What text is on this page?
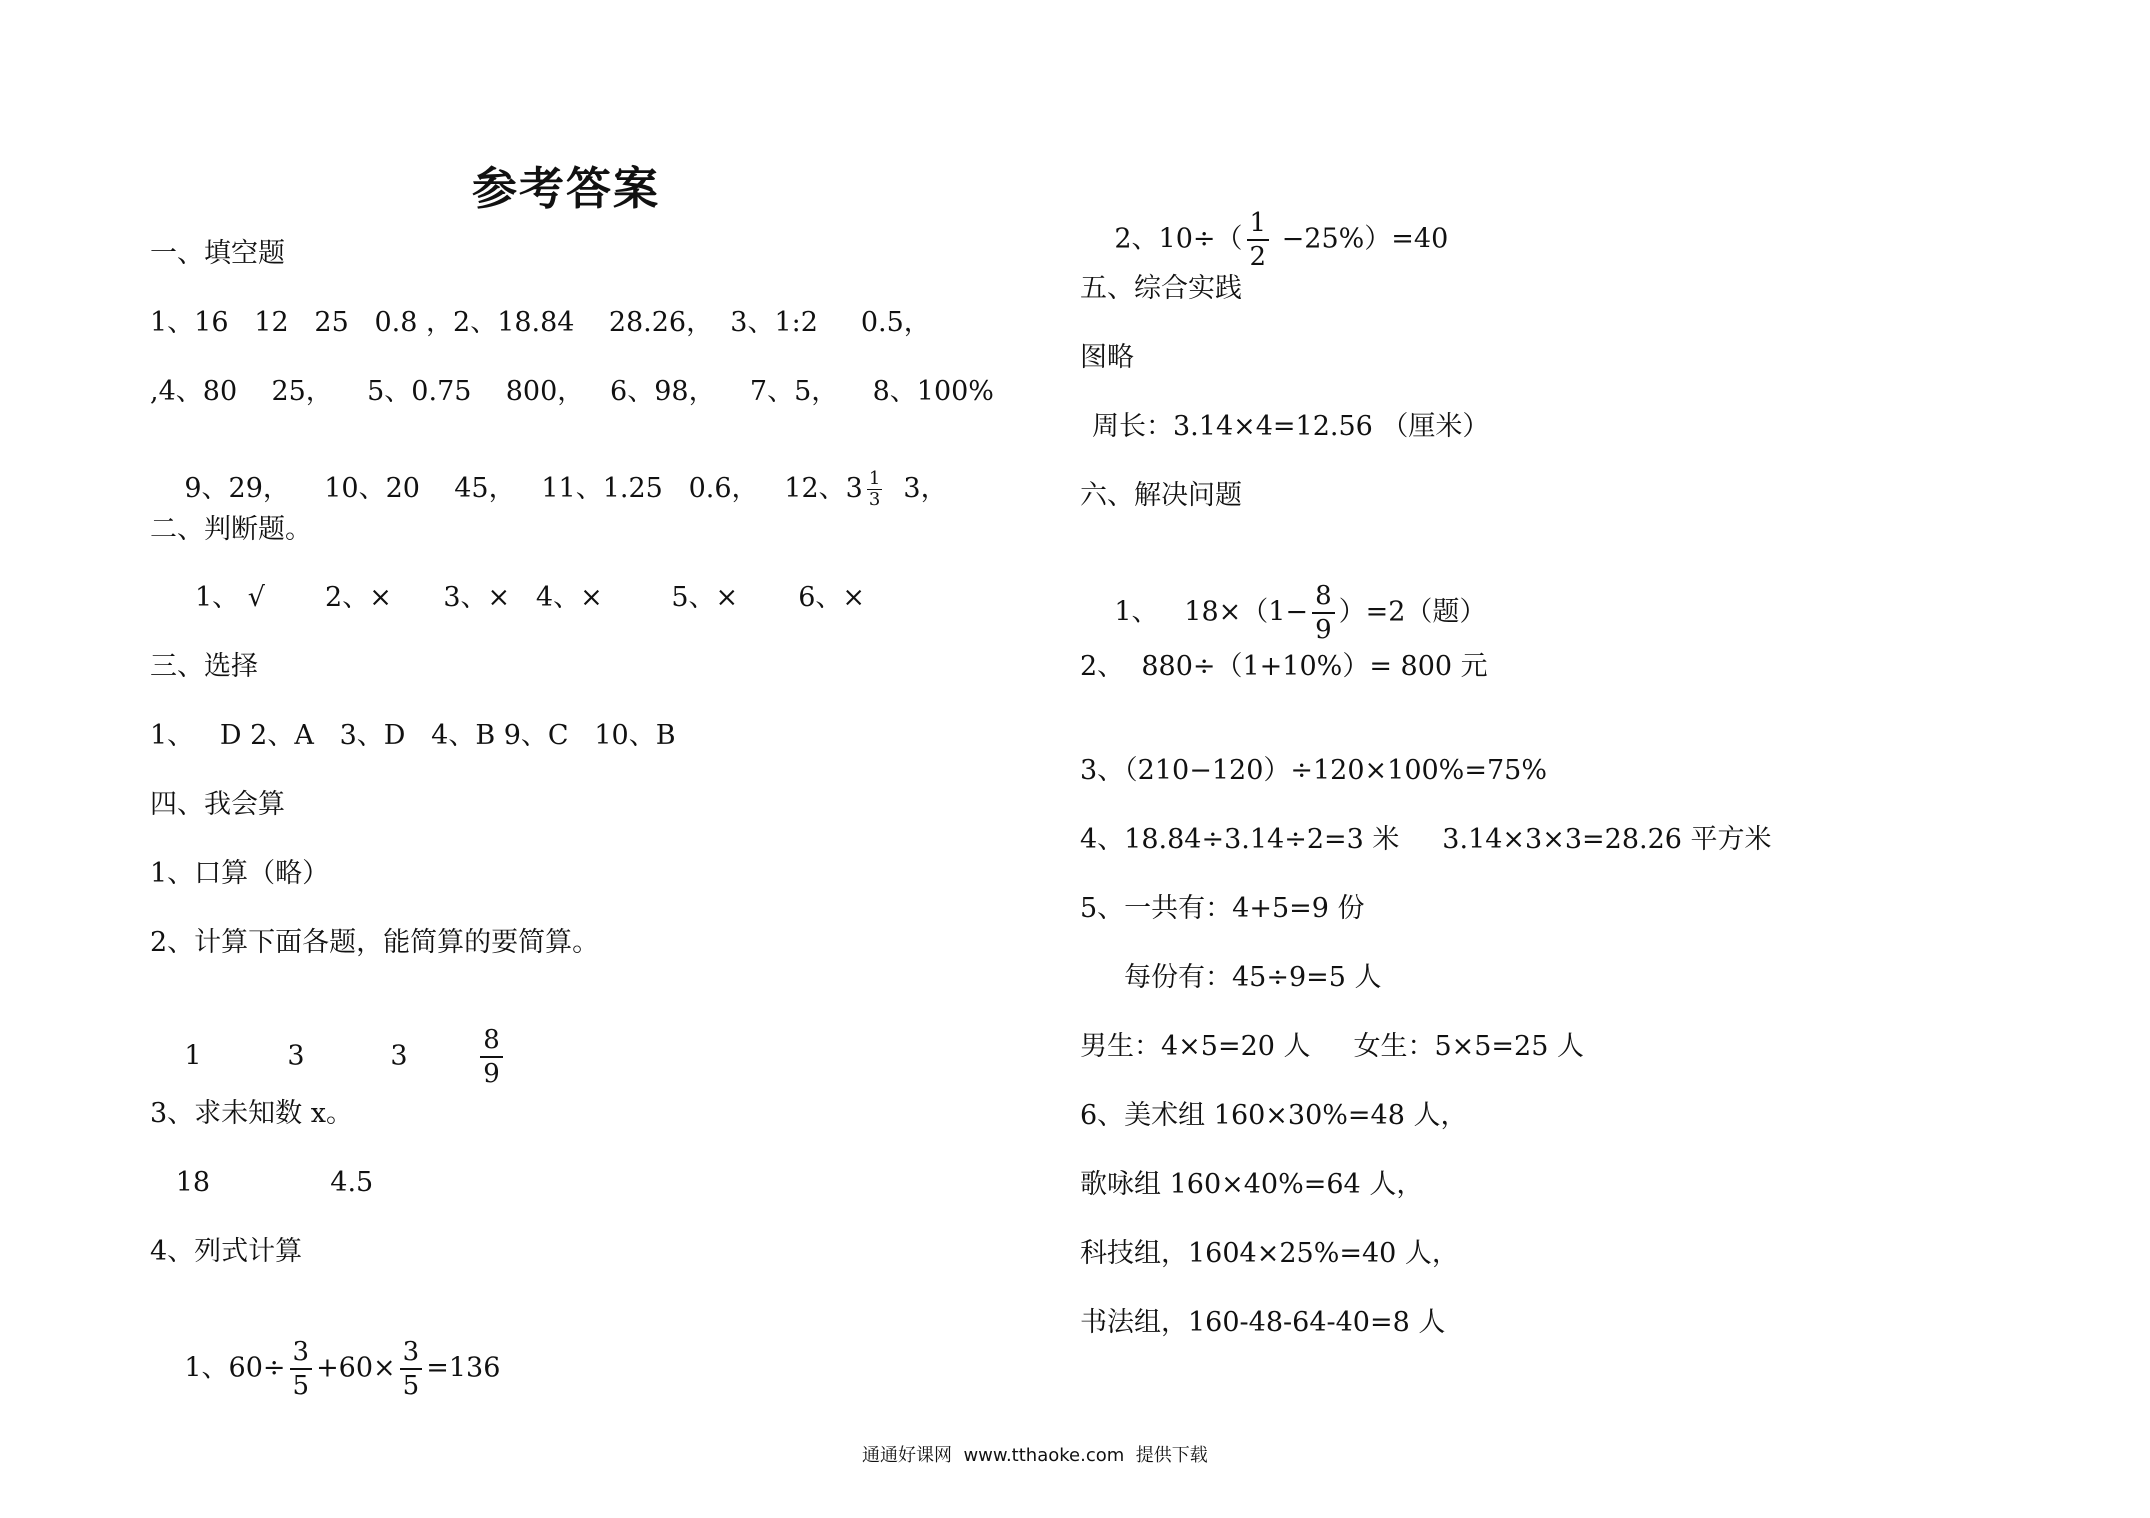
参考答案
一、填空题
1、16   12   25   0.8 ，2、18.84    28.26，  3、1:2     0.5，
,4、80    25，    5、0.75    800，   6、98，    7、5，    8、100%

9、29，    10、20    45，   11、1.25   0.6，   12、$3 \frac{1}{3} 3$，

二、判断题。
1、 √       2、×      3、×   4、×        5、×       6、×
三、选择
1、   D 2、A   3、D   4、B 9、C   10、B
四、我会算
1、口算（略）
2、计算下面各题，能简算的要简算。

1          3          3	$\frac{8}{9}$

3、求未知数 x。
18              4.5
4、列式计算

1、$60\div \frac{3}{5} +60\times \frac{3}{5} =136$

2、$10\div( \frac{1}{2} -25\%)=40$

五、综合实践
图略
周长：3.14×4=12.56 （厘米）
六、解决问题

1、   $18\times(1- \frac{8}{9} )=2$（题）

2、  880÷（1+10%）= 800 元
3、（210−120）÷120×100%=75%
4、18.84÷3.14÷2=3 米     3.14×3×3=28.26 平方米
5、一共有：4+5=9 份
每份有：45÷9=5 人
男生：4×5=20 人     女生：5×5=25 人
6、美术组 160×30%=48 人，
歌咏组 160×40%=64 人，
科技组，1604×25%=40 人，
书法组，160-48-64-40=8 人
通通好课网  www.tthaoke.com  提供下载
